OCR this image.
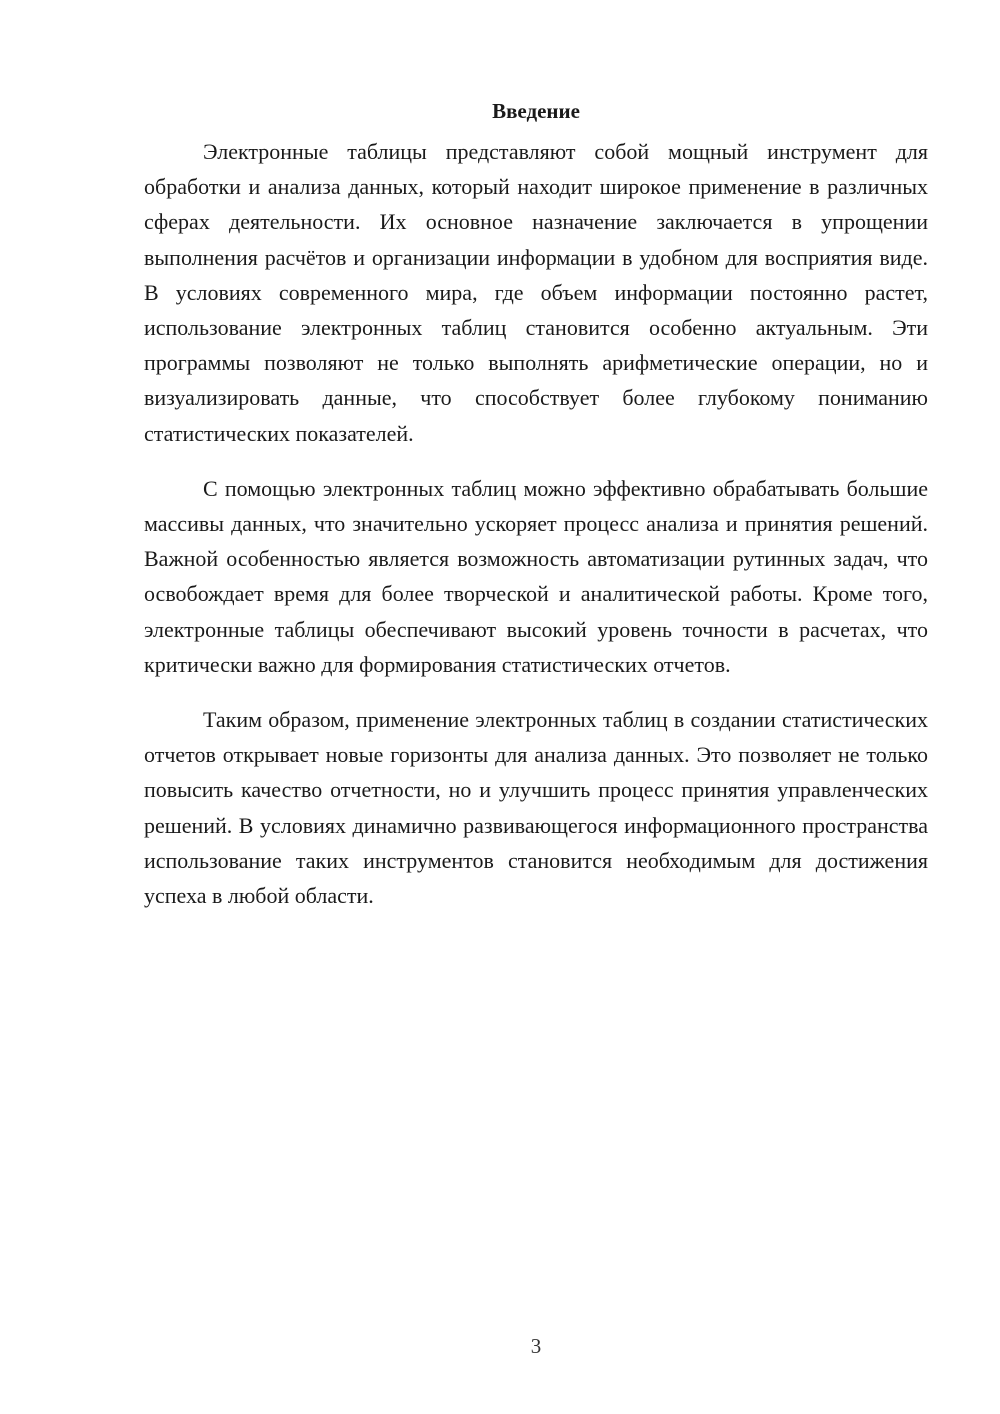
Введение

Электронные таблицы представляют собой мощный инструмент для обработки и анализа данных, который находит широкое применение в различных сферах деятельности. Их основное назначение заключается в упрощении выполнения расчётов и организации информации в удобном для восприятия виде. В условиях современного мира, где объем информации постоянно растет, использование электронных таблиц становится особенно актуальным. Эти программы позволяют не только выполнять арифметические операции, но и визуализировать данные, что способствует более глубокому пониманию статистических показателей.

С помощью электронных таблиц можно эффективно обрабатывать большие массивы данных, что значительно ускоряет процесс анализа и принятия решений. Важной особенностью является возможность автоматизации рутинных задач, что освобождает время для более творческой и аналитической работы. Кроме того, электронные таблицы обеспечивают высокий уровень точности в расчетах, что критически важно для формирования статистических отчетов.

Таким образом, применение электронных таблиц в создании статистических отчетов открывает новые горизонты для анализа данных. Это позволяет не только повысить качество отчетности, но и улучшить процесс принятия управленческих решений. В условиях динамично развивающегося информационного пространства использование таких инструментов становится необходимым для достижения успеха в любой области.

3
